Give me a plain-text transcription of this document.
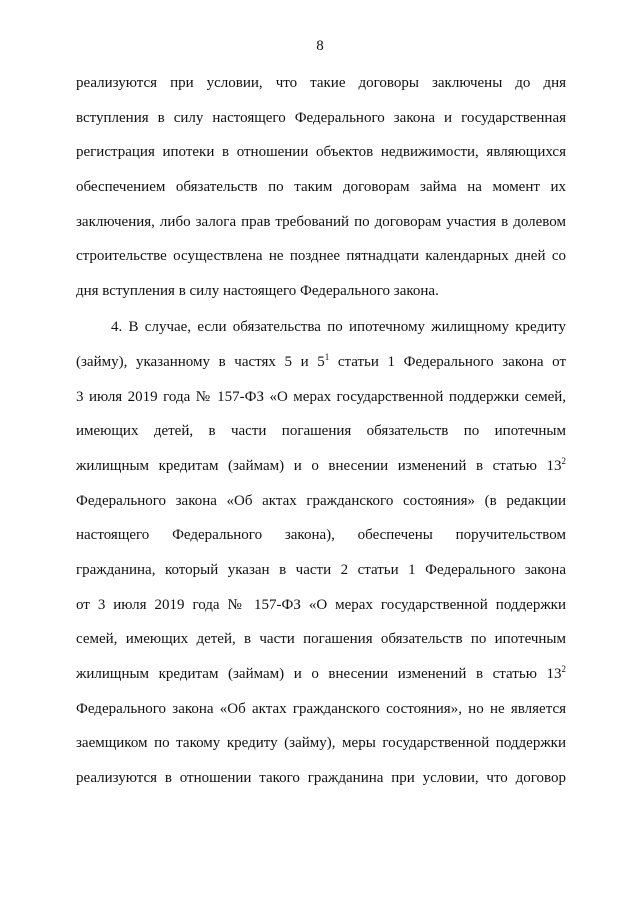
8
реализуются при условии, что такие договоры заключены до дня
вступления в силу настоящего Федерального закона и государственная
регистрация ипотеки в отношении объектов недвижимости, являющихся
обеспечением обязательств по таким договорам займа на момент их
заключения, либо залога прав требований по договорам участия в долевом
строительстве осуществлена не позднее пятнадцати календарных дней со
дня вступления в силу настоящего Федерального закона.
4. В случае, если обязательства по ипотечному жилищному кредиту
(займу), указанному в частях 5 и $5^1$ статьи 1 Федерального закона от
3 июля 2019 года № 157-ФЗ «О мерах государственной поддержки семей,
имеющих детей, в части погашения обязательств по ипотечным
жилищным кредитам (займам) и о внесении изменений в статью $13^2$
Федерального закона «Об актах гражданского состояния» (в редакции
настоящего Федерального закона), обеспечены поручительством
гражданина, который указан в части 2 статьи 1 Федерального закона
от 3 июля 2019 года № 157-ФЗ «О мерах государственной поддержки
семей, имеющих детей, в части погашения обязательств по ипотечным
жилищным кредитам (займам) и о внесении изменений в статью $13^2$
Федерального закона «Об актах гражданского состояния», но не является
заемщиком по такому кредиту (займу), меры государственной поддержки
реализуются в отношении такого гражданина при условии, что договор
